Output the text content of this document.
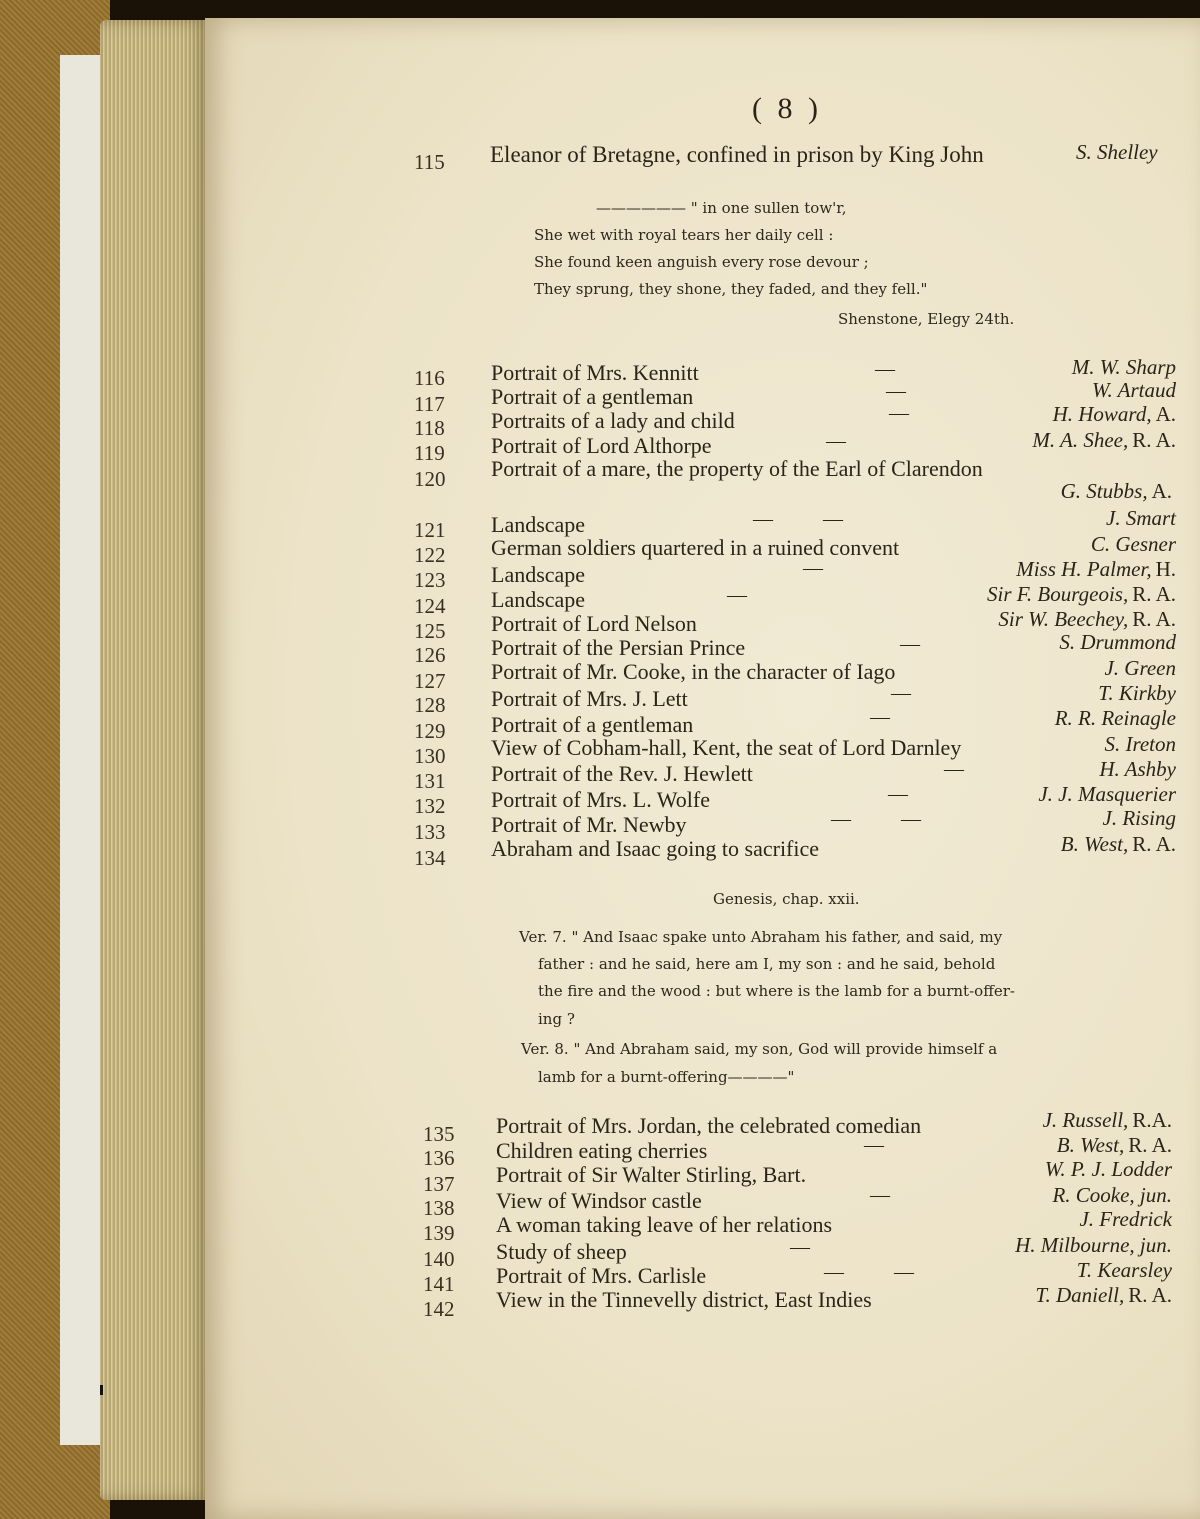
( 8 )
115 Eleanor of Bretagne, confined in prison by King John	S. Shelley
—————— " in one sullen tow'r,
She wet with royal tears her daily cell :
She found keen anguish every rose devour ;
They sprung, they shone, they faded, and they fell."
Shenstone, Elegy 24th.
116 Portrait of Mrs. Kennitt	—	M. W. Sharp
117 Portrait of a gentleman	—	W. Artaud
118 Portraits of a lady and child	—	H. Howard, A.
119 Portrait of Lord Althorpe	—	M. A. Shee, R. A.
120 Portrait of a mare, the property of the Earl of Clarendon
G. Stubbs, A.
121 Landscape	—          —	J. Smart
122 German soldiers quartered in a ruined convent	C. Gesner
123 Landscape	—	Miss H. Palmer, H.
124 Landscape	—	Sir F. Bourgeois, R. A.
125 Portrait of Lord Nelson	Sir W. Beechey, R. A.
126 Portrait of the Persian Prince	—	S. Drummond
127 Portrait of Mr. Cooke, in the character of Iago	J. Green
128 Portrait of Mrs. J. Lett	—	T. Kirkby
129 Portrait of a gentleman	—	R. R. Reinagle
130 View of Cobham-hall, Kent, the seat of Lord Darnley	S. Ireton
131 Portrait of the Rev. J. Hewlett	—	H. Ashby
132 Portrait of Mrs. L. Wolfe	—	J. J. Masquerier
133 Portrait of Mr. Newby	—          —	J. Rising
134 Abraham and Isaac going to sacrifice	B. West, R. A.
Genesis, chap. xxii.
Ver. 7. " And Isaac spake unto Abraham his father, and said, my
father : and he said, here am I, my son : and he said, behold
the fire and the wood : but where is the lamb for a burnt-offer-
ing ?
Ver. 8. " And Abraham said, my son, God will provide himself a
lamb for a burnt-offering————"
135 Portrait of Mrs. Jordan, the celebrated comedian	J. Russell, R.A.
136 Children eating cherries	—	B. West, R. A.
137 Portrait of Sir Walter Stirling, Bart.	W. P. J. Lodder
138 View of Windsor castle	—	R. Cooke, jun.
139 A woman taking leave of her relations	J. Fredrick
140 Study of sheep	—	H. Milbourne, jun.
141 Portrait of Mrs. Carlisle	—          —	T. Kearsley
142 View in the Tinnevelly district, East Indies	T. Daniell, R. A.
